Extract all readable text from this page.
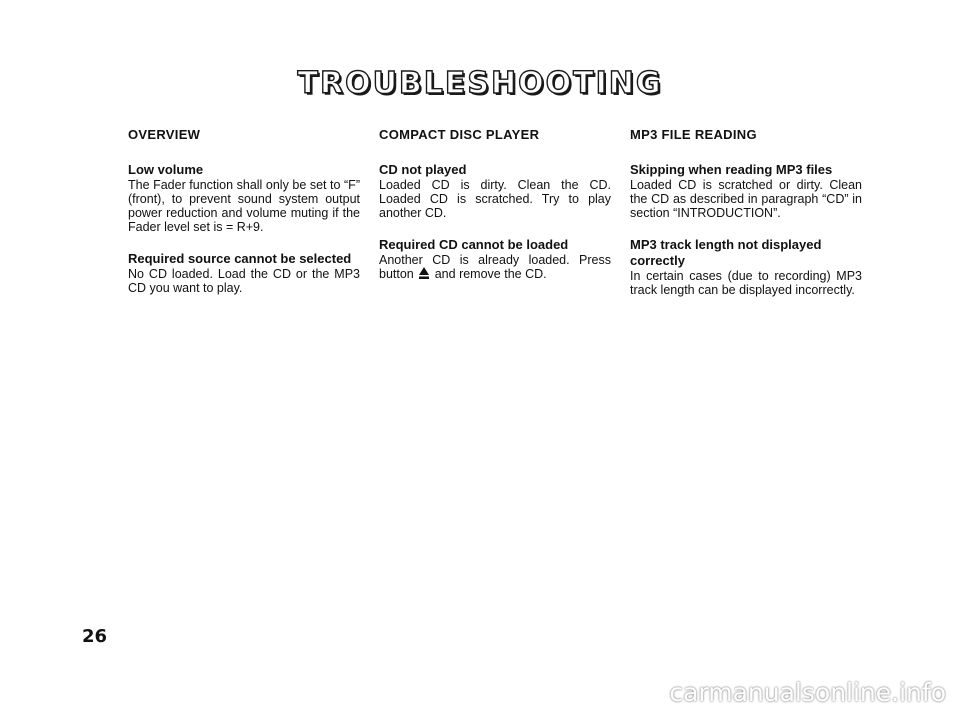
TROUBLESHOOTING

OVERVIEW

Low volume

The Fader function shall only be set to “F” (front), to prevent sound system output power reduction and volume muting if the Fader level set is = R+9.

Required source cannot be selected

No CD loaded. Load the CD or the MP3 CD you want to play.

COMPACT DISC PLAYER

CD not played

Loaded CD is dirty. Clean the CD. Loaded CD is scratched. Try to play another CD.

Required CD cannot be loaded

Another CD is already loaded. Press button and remove the CD.

MP3 FILE READING

Skipping when reading MP3 files

Loaded CD is scratched or dirty. Clean the CD as described in paragraph “CD” in section “INTRODUCTION”.

MP3 track length not displayed correctly

In certain cases (due to recording) MP3 track length can be displayed incorrectly.

26
carmanualsonline.info
